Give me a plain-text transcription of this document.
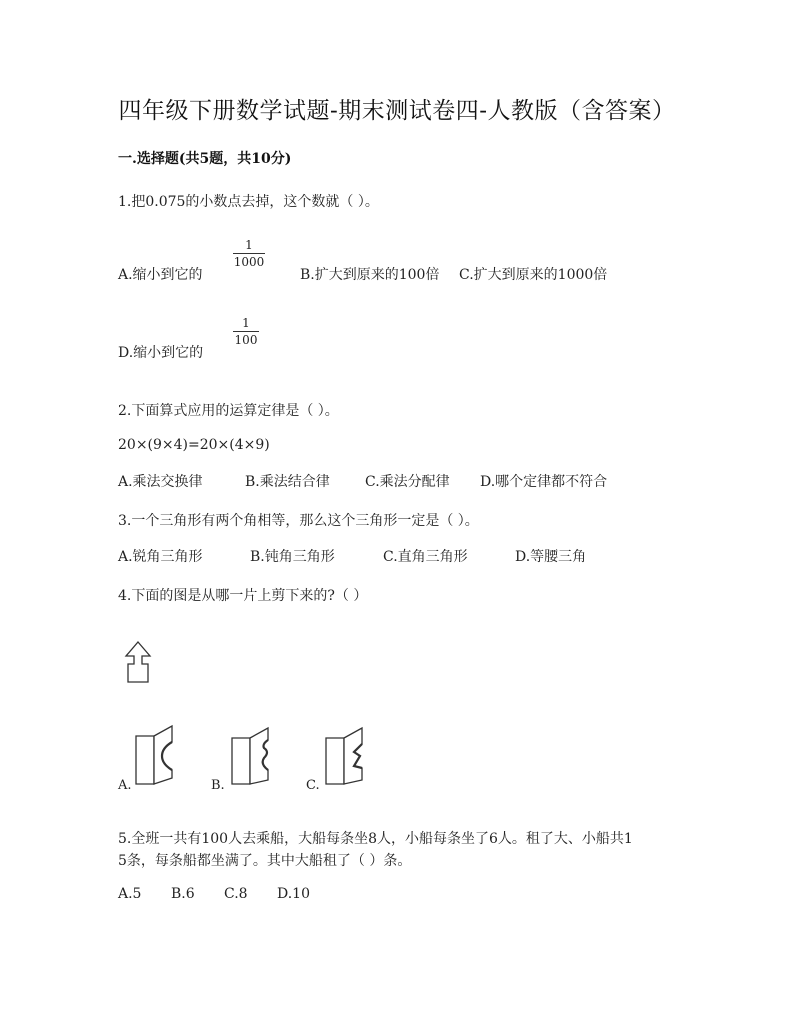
四年级下册数学试题-期末测试卷四-人教版（含答案）
一.选择题(共5题，共10分)
1.把0.075的小数点去掉，这个数就（ ）。
A.缩小到它的
1
1000
B.扩大到原来的100倍 C.扩大到原来的1000倍
D.缩小到它的
1
100
2.下面算式应用的运算定律是（ ）。
20×(9×4)=20×(4×9)
A.乘法交换律	B.乘法结合律	C.乘法分配律 D.哪个定律都不符合
3.一个三角形有两个角相等，那么这个三角形一定是（ ）。
A.锐角三角形	B.钝角三角形	C.直角三角形	D.等腰三角
4.下面的图是从哪一片上剪下来的?（ ）
A.	B.	C.
5.全班一共有100人去乘船，大船每条坐8人，小船每条坐了6人。租了大、小船共1
5条，每条船都坐满了。其中大船租了（ ）条。
A.5 B.6 C.8 D.10
